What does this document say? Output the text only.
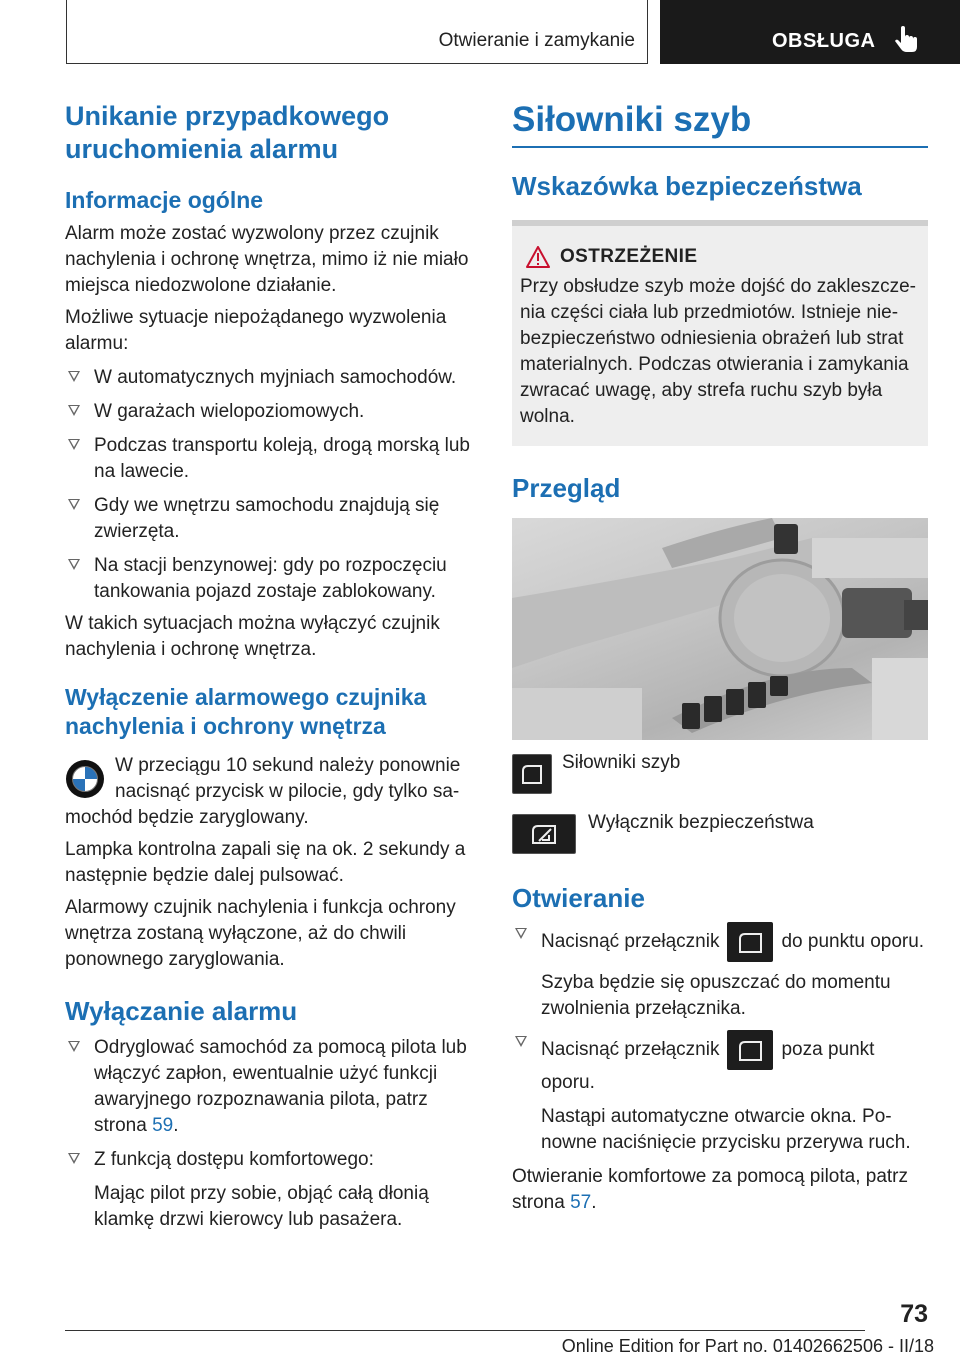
Otwieranie i zamykanie	OBSŁUGA
Unikanie przypadkowego uruchomienia alarmu
Informacje ogólne

Alarm może zostać wyzwolony przez czujnik nachylenia i ochronę wnętrza, mimo iż nie miało miejsca niedozwolone działanie.

Możliwe sytuacje niepożądanego wyzwolenia alarmu:

W automatycznych myjniach samochodów.
W garażach wielopoziomowych.
Podczas transportu koleją, drogą morską lub na lawecie.
Gdy we wnętrzu samochodu znajdują się zwierzęta.
Na stacji benzynowej: gdy po rozpoczęciu tankowania pojazd zostaje zablokowany.

W takich sytuacjach można wyłączyć czujnik nachylenia i ochronę wnętrza.

Wyłączenie alarmowego czujnika nachylenia i ochrony wnętrza

W przeciągu 10 sekund należy ponownie nacisnąć przycisk w pilocie, gdy tylko samochód będzie zaryglowany.

Lampka kontrolna zapali się na ok. 2 sekundy a następnie będzie dalej pulsować.

Alarmowy czujnik nachylenia i funkcja ochrony wnętrza zostaną wyłączone, aż do chwili ponownego zaryglowania.

Wyłączanie alarmu
Odryglować samochód za pomocą pilota lub włączyć zapłon, ewentualnie użyć funkcji awaryjnego rozpoznawania pilota, patrz strona 59.
Z funkcją dostępu komfortowego:
Mając pilot przy sobie, objąć całą dłonią klamkę drzwi kierowcy lub pasażera.
Siłowniki szyb
Wskazówka bezpieczeństwa
OSTRZEŻENIE

Przy obsłudze szyb może dojść do zakleszczenia części ciała lub przedmiotów. Istnieje niebezpieczeństwo odniesienia obrażeń lub strat materialnych. Podczas otwierania i zamykania zwracać uwagę, aby strefa ruchu szyb była wolna.

Przegląd
Siłowniki szyb
Wyłącznik bezpieczeństwa
Otwieranie
Nacisnąć przełącznik	do punktu oporu.
Szyba będzie się opuszczać do momentu zwolnienia przełącznika.
Nacisnąć przełącznik	poza punkt oporu.
Nastąpi automatyczne otwarcie okna. Ponowne naciśnięcie przycisku przerywa ruch.

Otwieranie komfortowe za pomocą pilota, patrz strona 57.

73
Online Edition for Part no. 01402662506 - II/18
